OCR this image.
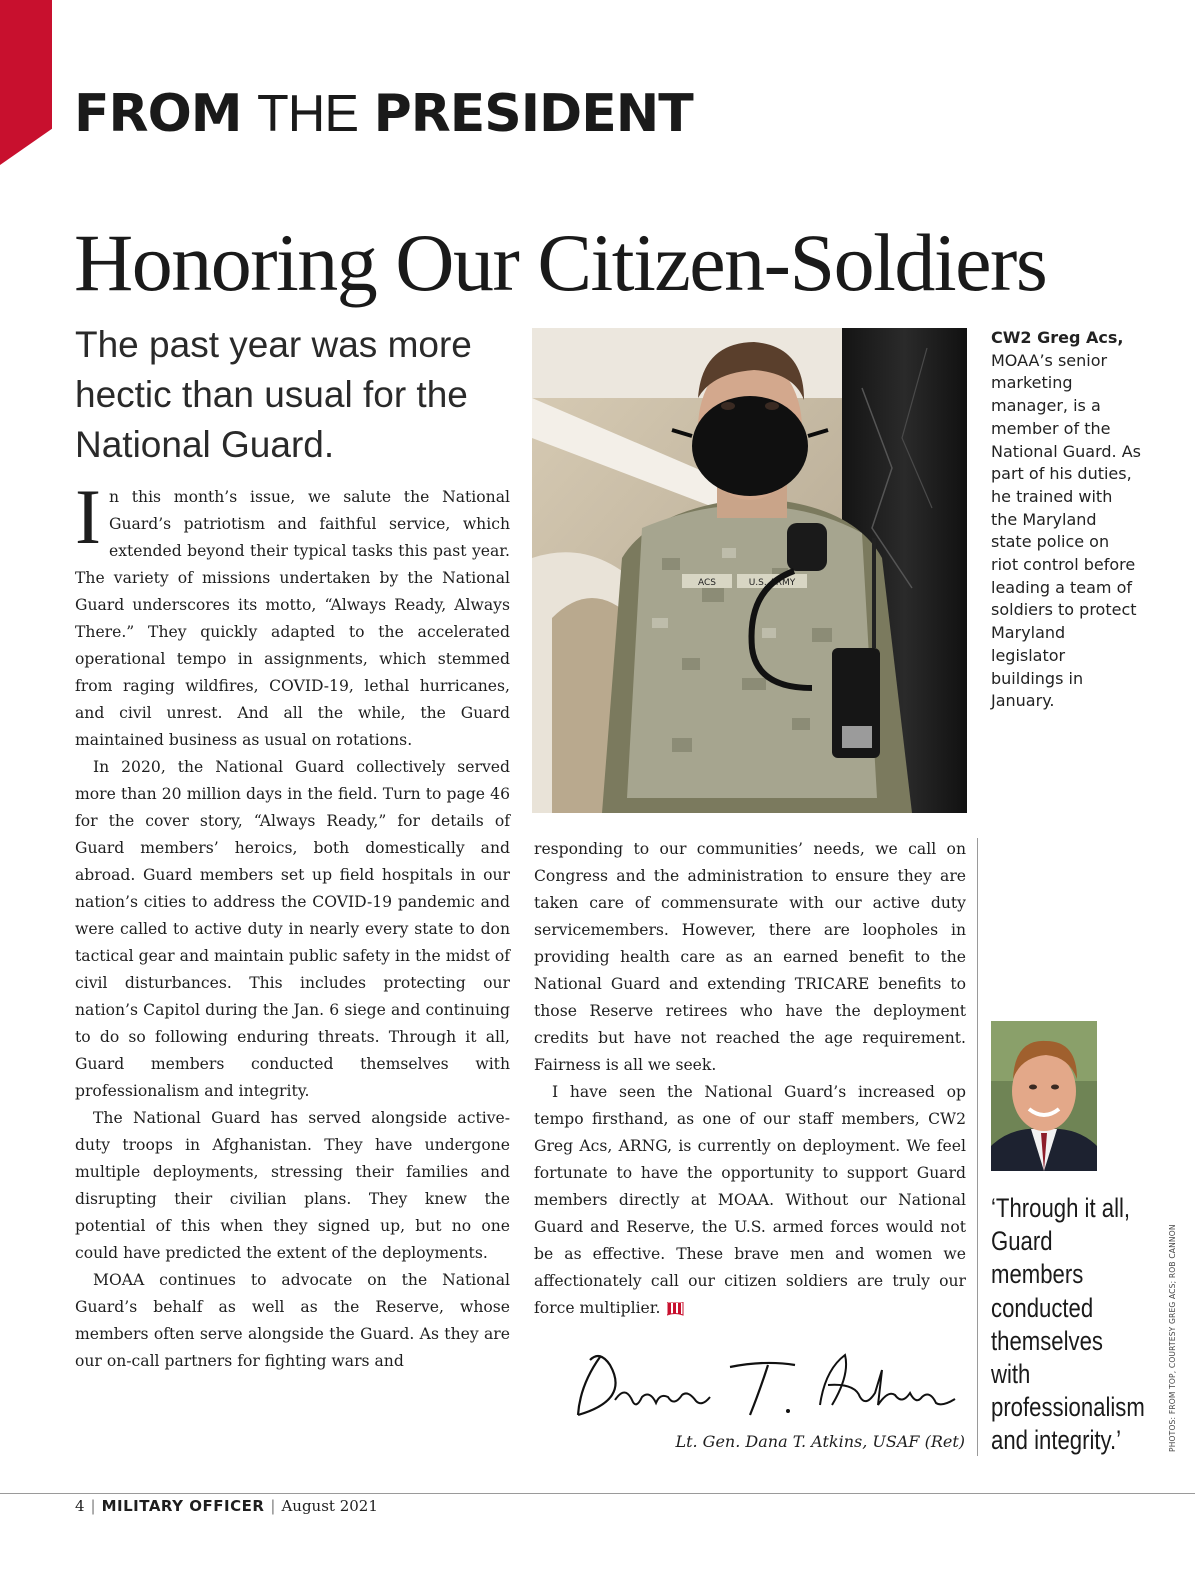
FROM THE PRESIDENT
Honoring Our Citizen-Soldiers
The past year was more hectic than usual for the National Guard.

In this month’s issue, we salute the National Guard’s patriotism and faithful service, which extended beyond their typical tasks this past year. The variety of missions undertaken by the National Guard underscores its motto, “Always Ready, Always There.” They quickly adapted to the accelerated operational tempo in assignments, which stemmed from raging wildfires, COVID-19, lethal hurricanes, and civil unrest. And all the while, the Guard maintained business as usual on rotations.

In 2020, the National Guard collectively served more than 20 million days in the field. Turn to page 46 for the cover story, “Always Ready,” for details of Guard members’ heroics, both domestically and abroad. Guard members set up field hospitals in our nation’s cities to address the COVID-19 pandemic and were called to active duty in nearly every state to don tactical gear and maintain public safety in the midst of civil disturbances. This includes protecting our nation’s Capitol during the Jan. 6 siege and continuing to do so following enduring threats. Through it all, Guard members conducted themselves with professionalism and integrity.

The National Guard has served alongside active-duty troops in Afghanistan. They have undergone multiple deployments, stressing their families and disrupting their civilian plans. They knew the potential of this when they signed up, but no one could have predicted the extent of the deployments.

MOAA continues to advocate on the National Guard’s behalf as well as the Reserve, whose members often serve alongside the Guard. As they are our on-call partners for fighting wars and

ACS	U.S. ARMY
CW2 Greg Acs, MOAA’s senior marketing manager, is a member of the National Guard. As part of his duties, he trained with the Maryland state police on riot control before leading a team of soldiers to protect Maryland legislator buildings in January.

responding to our communities’ needs, we call on Congress and the administration to ensure they are taken care of commensurate with our active duty servicemembers. However, there are loopholes in providing health care as an earned benefit to the National Guard and extending TRICARE benefits to those Reserve retirees who have the deployment credits but have not reached the age requirement. Fairness is all we seek.

I have seen the National Guard’s increased op tempo firsthand, as one of our staff members, CW2 Greg Acs, ARNG, is currently on deployment. We feel fortunate to have the opportunity to support Guard members directly at MOAA. Without our National Guard and Reserve, the U.S. armed forces would not be as effective. These brave men and women we affectionately call our citizen soldiers are truly our force multiplier.

‘Through it all, Guard members conducted themselves with professionalism and integrity.’	PHOTOS: FROM TOP, COURTESY GREG ACS; ROB CANNON
Lt. Gen. Dana T. Atkins, USAF (Ret)
4 | MILITARY OFFICER | August 2021
